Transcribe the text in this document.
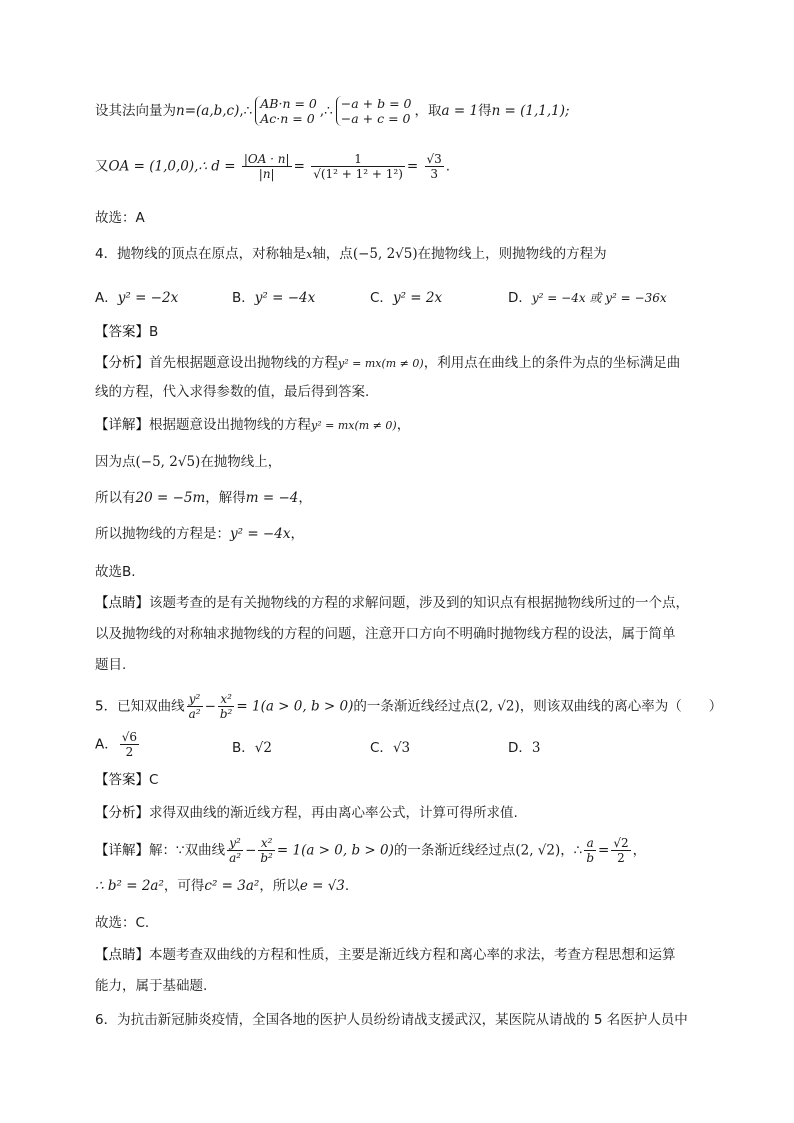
设其法向量为n=(a,b,c),∴ AB·n = 0
Ac·n = 0 ,∴ −a + b = 0
−a + c = 0 ，取a = 1得n = (1,1,1);
又OA = (1,0,0),∴ $d = \frac{|OA \cdot n|}{|n|} = \frac{1}{\text{√(1² + 1² + 1²)}} = \frac{√3}{3}$ .
故选：A
4．抛物线的顶点在原点，对称轴是x轴，点(−5, 2√5)在抛物线上，则抛物线的方程为
A．y² = −2x	B．y² = −4x	C．y² = 2x	D．y² = −4x 或 y² = −36x
【答案】B
【分析】首先根据题意设出抛物线的方程y² = mx(m ≠ 0)，利用点在曲线上的条件为点的坐标满足曲
线的方程，代入求得参数的值，最后得到答案.
【详解】根据题意设出抛物线的方程y² = mx(m ≠ 0)，
因为点(−5, 2√5)在抛物线上，
所以有20 = −5m，解得m = −4，
所以抛物线的方程是：y² = −4x，
故选B.
【点睛】该题考查的是有关抛物线的方程的求解问题，涉及到的知识点有根据抛物线所过的一个点，
以及抛物线的对称轴求抛物线的方程的问题，注意开口方向不明确时抛物线方程的设法，属于简单
题目.
5．已知双曲线 $\frac{\text{y²}}{\text{a²}} - \frac{\text{x²}}{\text{b²}} = 1(a > 0$, b > 0)的一条渐近线经过点(2, √2)，则该双曲线的离心率为（　　）
A． $\frac{√6}{2}$	B．√2	C．√3	D．3
【答案】C
【分析】求得双曲线的渐近线方程，再由离心率公式，计算可得所求值.
【详解】解：∵双曲线 $\frac{\text{y²}}{\text{a²}} - \frac{\text{x²}}{\text{b²}} = 1(a > 0$, b > 0)的一条渐近线经过点(2, √2)，∴ $\frac{a}{b} = \frac{√2}{2}$ ，
∴ b² = 2a²，可得c² = 3a²，所以e = √3.
故选：C.
【点睛】本题考查双曲线的方程和性质，主要是渐近线方程和离心率的求法，考查方程思想和运算
能力，属于基础题.
6．为抗击新冠肺炎疫情，全国各地的医护人员纷纷请战支援武汉，某医院从请战的 5 名医护人员中
